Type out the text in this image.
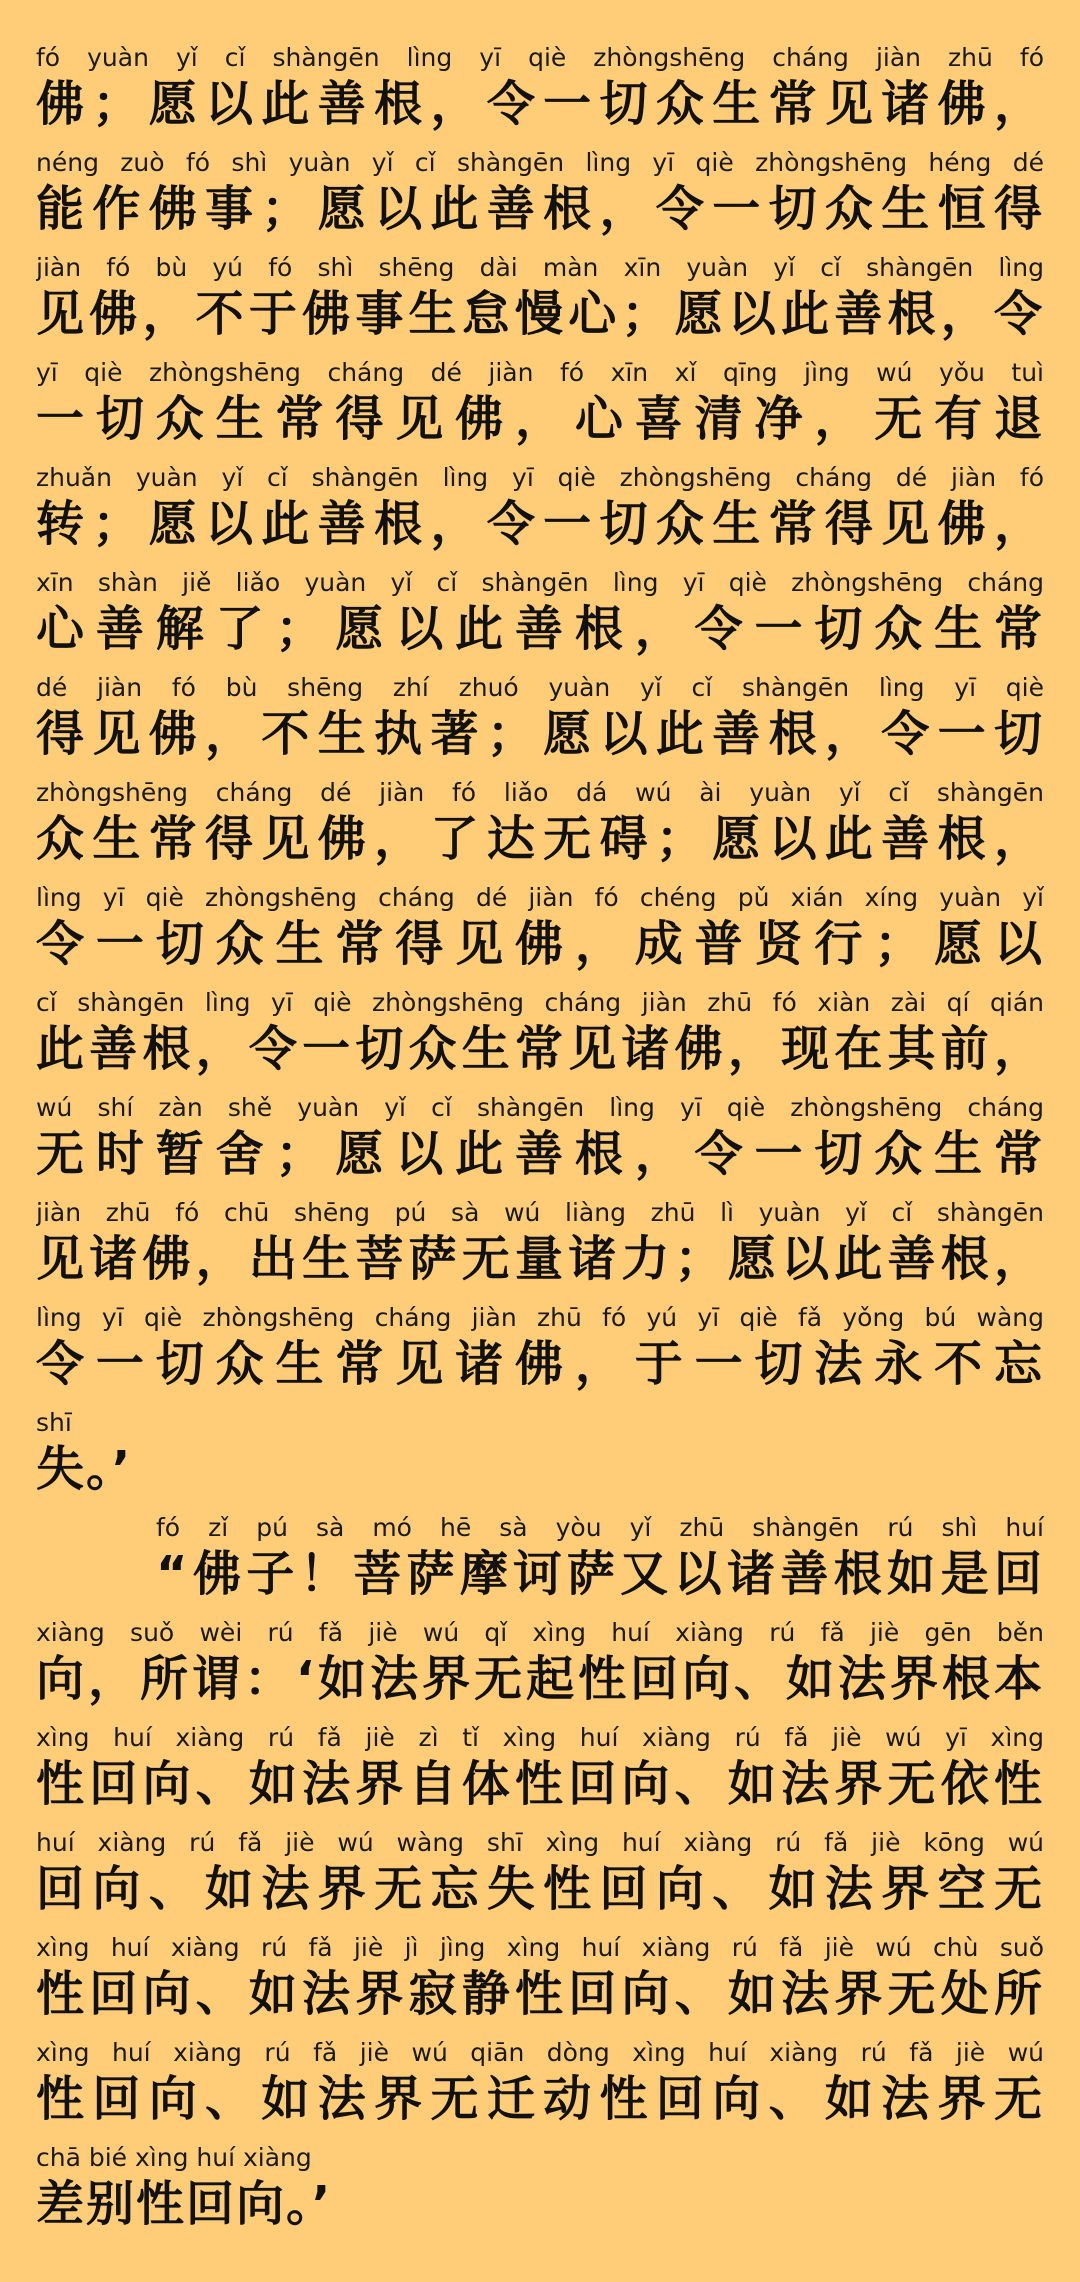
fó yuàn yǐ cǐ shàngēn lìng yī qiè zhòngshēng cháng jiàn zhū fó
佛；愿以此善根，令一切众生常见诸佛，
néng zuò fó shì yuàn yǐ cǐ shàngēn lìng yī qiè zhòngshēng héng dé
能作佛事；愿以此善根，令一切众生恒得
jiàn fó bù yú fó shì shēng dài màn xīn yuàn yǐ cǐ shàngēn lìng
见佛，不于佛事生怠慢心；愿以此善根，令
yī qiè zhòngshēng cháng dé jiàn fó xīn xǐ qīng jìng wú yǒu tuì
一切众生常得见佛，心喜清净，无有退
zhuǎn yuàn yǐ cǐ shàngēn lìng yī qiè zhòngshēng cháng dé jiàn fó
转；愿以此善根，令一切众生常得见佛，
xīn shàn jiě liǎo yuàn yǐ cǐ shàngēn lìng yī qiè zhòngshēng cháng
心善解了；愿以此善根，令一切众生常
dé jiàn fó bù shēng zhí zhuó yuàn yǐ cǐ shàngēn lìng yī qiè
得见佛，不生执著；愿以此善根，令一切
zhòngshēng cháng dé jiàn fó liǎo dá wú ài yuàn yǐ cǐ shàngēn
众生常得见佛，了达无碍；愿以此善根，
lìng yī qiè zhòngshēng cháng dé jiàn fó chéng pǔ xián xíng yuàn yǐ
令一切众生常得见佛，成普贤行；愿以
cǐ shàngēn lìng yī qiè zhòngshēng cháng jiàn zhū fó xiàn zài qí qián
此善根，令一切众生常见诸佛，现在其前，
wú shí zàn shě yuàn yǐ cǐ shàngēn lìng yī qiè zhòngshēng cháng
无时暂舍；愿以此善根，令一切众生常
jiàn zhū fó chū shēng pú sà wú liàng zhū lì yuàn yǐ cǐ shàngēn
见诸佛，出生菩萨无量诸力；愿以此善根，
lìng yī qiè zhòngshēng cháng jiàn zhū fó yú yī qiè fǎ yǒng bú wàng
令一切众生常见诸佛，于一切法永不忘
shī
失。’
fó zǐ pú sà mó hē sà yòu yǐ zhū shàngēn rú shì huí
“佛子！菩萨摩诃萨又以诸善根如是回
xiàng suǒ wèi rú fǎ jiè wú qǐ xìng huí xiàng rú fǎ jiè gēn běn
向，所谓：‘如法界无起性回向、如法界根本
xìng huí xiàng rú fǎ jiè zì tǐ xìng huí xiàng rú fǎ jiè wú yī xìng
性回向、如法界自体性回向、如法界无依性
huí xiàng rú fǎ jiè wú wàng shī xìng huí xiàng rú fǎ jiè kōng wú
回向、如法界无忘失性回向、如法界空无
xìng huí xiàng rú fǎ jiè jì jìng xìng huí xiàng rú fǎ jiè wú chù suǒ
性回向、如法界寂静性回向、如法界无处所
xìng huí xiàng rú fǎ jiè wú qiān dòng xìng huí xiàng rú fǎ jiè wú
性回向、如法界无迁动性回向、如法界无
chā bié xìng huí xiàng
差别性回向。’
